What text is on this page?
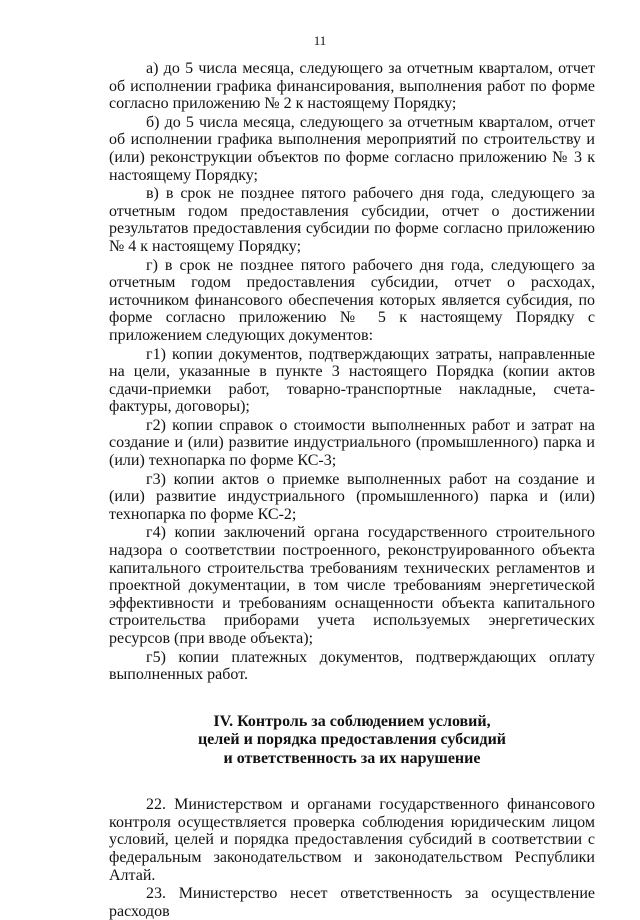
11

а) до 5 числа месяца, следующего за отчетным кварталом, отчет об исполнении графика финансирования, выполнения работ по форме согласно приложению № 2 к настоящему Порядку;

б) до 5 числа месяца, следующего за отчетным кварталом, отчет об исполнении графика выполнения мероприятий по строительству и (или) реконструкции объектов по форме согласно приложению № 3 к настоящему Порядку;

в) в срок не позднее пятого рабочего дня года, следующего за отчетным годом предоставления субсидии, отчет о достижении результатов предоставления субсидии по форме согласно приложению № 4 к настоящему Порядку;

г) в срок не позднее пятого рабочего дня года, следующего за отчетным годом предоставления субсидии, отчет о расходах, источником финансового обеспечения которых является субсидия, по форме согласно приложению № 5 к настоящему Порядку с приложением следующих документов:

г1) копии документов, подтверждающих затраты, направленные на цели, указанные в пункте 3 настоящего Порядка (копии актов сдачи-приемки работ, товарно-транспортные накладные, счета-фактуры, договоры);

г2) копии справок о стоимости выполненных работ и затрат на создание и (или) развитие индустриального (промышленного) парка и (или) технопарка по форме КС-3;

г3) копии актов о приемке выполненных работ на создание и (или) развитие индустриального (промышленного) парка и (или) технопарка по форме КС-2;

г4) копии заключений органа государственного строительного надзора о соответствии построенного, реконструированного объекта капитального строительства требованиям технических регламентов и проектной документации, в том числе требованиям энергетической эффективности и требованиям оснащенности объекта капитального строительства приборами учета используемых энергетических ресурсов (при вводе объекта);

г5) копии платежных документов, подтверждающих оплату выполненных работ.

IV. Контроль за соблюдением условий,
целей и порядка предоставления субсидий
и ответственность за их нарушение

22. Министерством и органами государственного финансового контроля осуществляется проверка соблюдения юридическим лицом условий, целей и порядка предоставления субсидий в соответствии с федеральным законодательством и законодательством Республики Алтай.

23. Министерство несет ответственность за осуществление расходов
